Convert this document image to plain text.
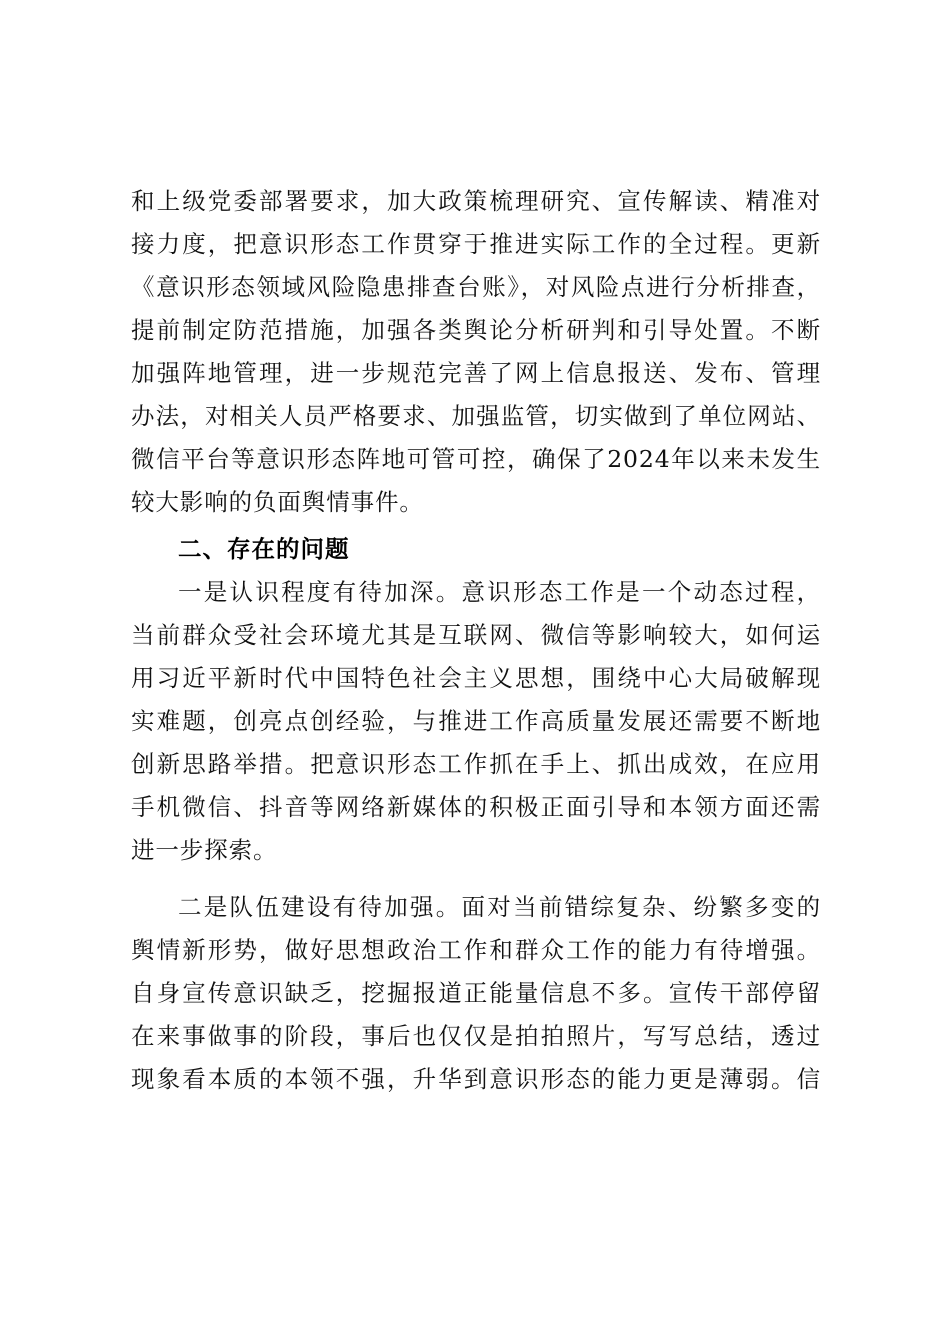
和上级党委部署要求，加大政策梳理研究、宣传解读、精准对
接力度，把意识形态工作贯穿于推进实际工作的全过程。更新
《意识形态领域风险隐患排查台账》，对风险点进行分析排查，
提前制定防范措施，加强各类舆论分析研判和引导处置。不断
加强阵地管理，进一步规范完善了网上信息报送、发布、管理
办法，对相关人员严格要求、加强监管，切实做到了单位网站、
微信平台等意识形态阵地可管可控，确保了2024年以来未发生
较大影响的负面舆情事件。

二、存在的问题

一是认识程度有待加深。意识形态工作是一个动态过程，
当前群众受社会环境尤其是互联网、微信等影响较大，如何运
用习近平新时代中国特色社会主义思想，围绕中心大局破解现
实难题，创亮点创经验，与推进工作高质量发展还需要不断地
创新思路举措。把意识形态工作抓在手上、抓出成效，在应用
手机微信、抖音等网络新媒体的积极正面引导和本领方面还需
进一步探索。

二是队伍建设有待加强。面对当前错综复杂、纷繁多变的
舆情新形势，做好思想政治工作和群众工作的能力有待增强。
自身宣传意识缺乏，挖掘报道正能量信息不多。宣传干部停留
在来事做事的阶段，事后也仅仅是拍拍照片，写写总结，透过
现象看本质的本领不强，升华到意识形态的能力更是薄弱。信
